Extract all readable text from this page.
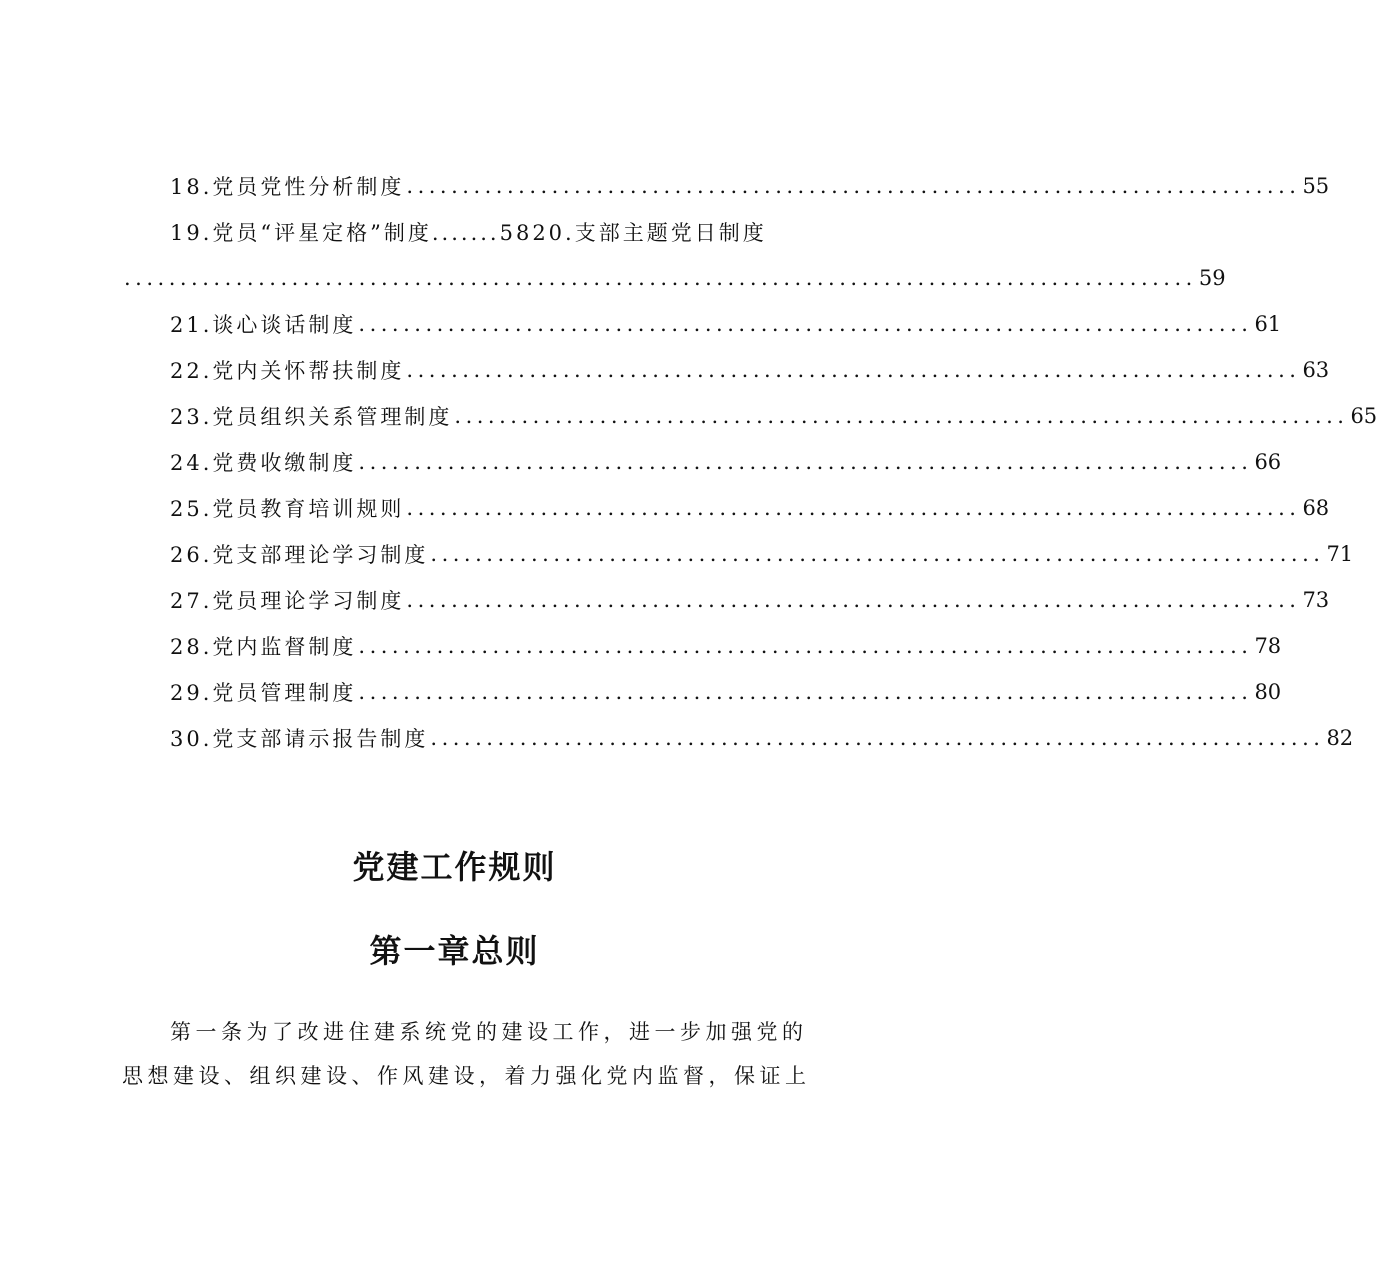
18.党员党性分析制度 ................................................................................ 55
19.党员“评星定格”制度.......5820.支部主题党日制度
................................................................................................ 59
21.谈心谈话制度 ................................................................................ 61
22.党内关怀帮扶制度 ................................................................................ 63
23.党员组织关系管理制度 ................................................................................ 65
24.党费收缴制度 ................................................................................ 66
25.党员教育培训规则 ................................................................................ 68
26.党支部理论学习制度 ................................................................................ 71
27.党员理论学习制度 ................................................................................ 73
28.党内监督制度 ................................................................................ 78
29.党员管理制度 ................................................................................ 80
30.党支部请示报告制度 ................................................................................ 82
党建工作规则
第一章总则
第一条为了改进住建系统党的建设工作，进一步加强党的
思想建设、组织建设、作风建设，着力强化党内监督，保证上
